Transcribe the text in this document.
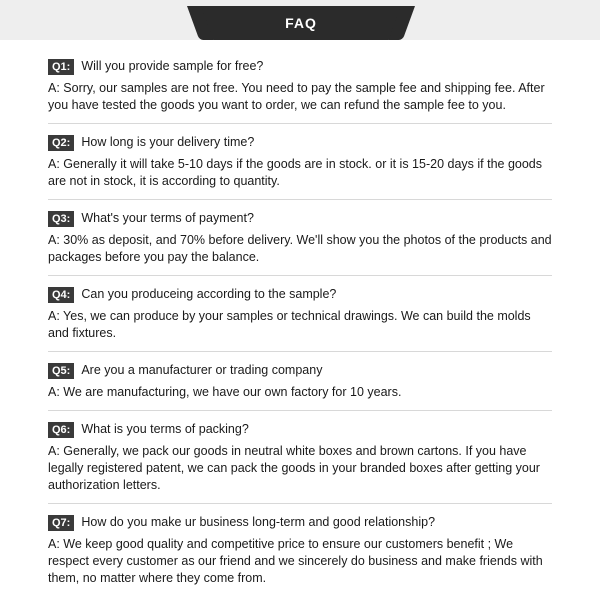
FAQ
Q1: Will you provide sample for free?
A: Sorry, our samples are not free. You need to pay the sample fee and shipping fee. After you have tested the goods you want to order, we can refund the sample fee to you.
Q2: How long is your delivery time?
A: Generally it will take 5-10 days if the goods are in stock. or it is 15-20 days if the goods are not in stock, it is according to quantity.
Q3: What's your terms of payment?
A: 30% as deposit, and 70% before delivery. We'll show you the photos of the products and packages before you pay the balance.
Q4: Can you produceing according to the sample?
A: Yes, we can produce by your samples or technical drawings. We can build the molds and fixtures.
Q5: Are you a manufacturer or trading company
A: We are manufacturing, we have our own factory for 10 years.
Q6: What is you terms of packing?
A: Generally, we pack our goods in neutral white boxes and brown cartons. If you have legally registered patent, we can pack the goods in your branded boxes after getting your authorization letters.
Q7: How do you make ur business long-term and good relationship?
A: We keep good quality and competitive price to ensure our customers benefit ; We respect every customer as our friend and we sincerely do business and make friends with them, no matter where they come from.
